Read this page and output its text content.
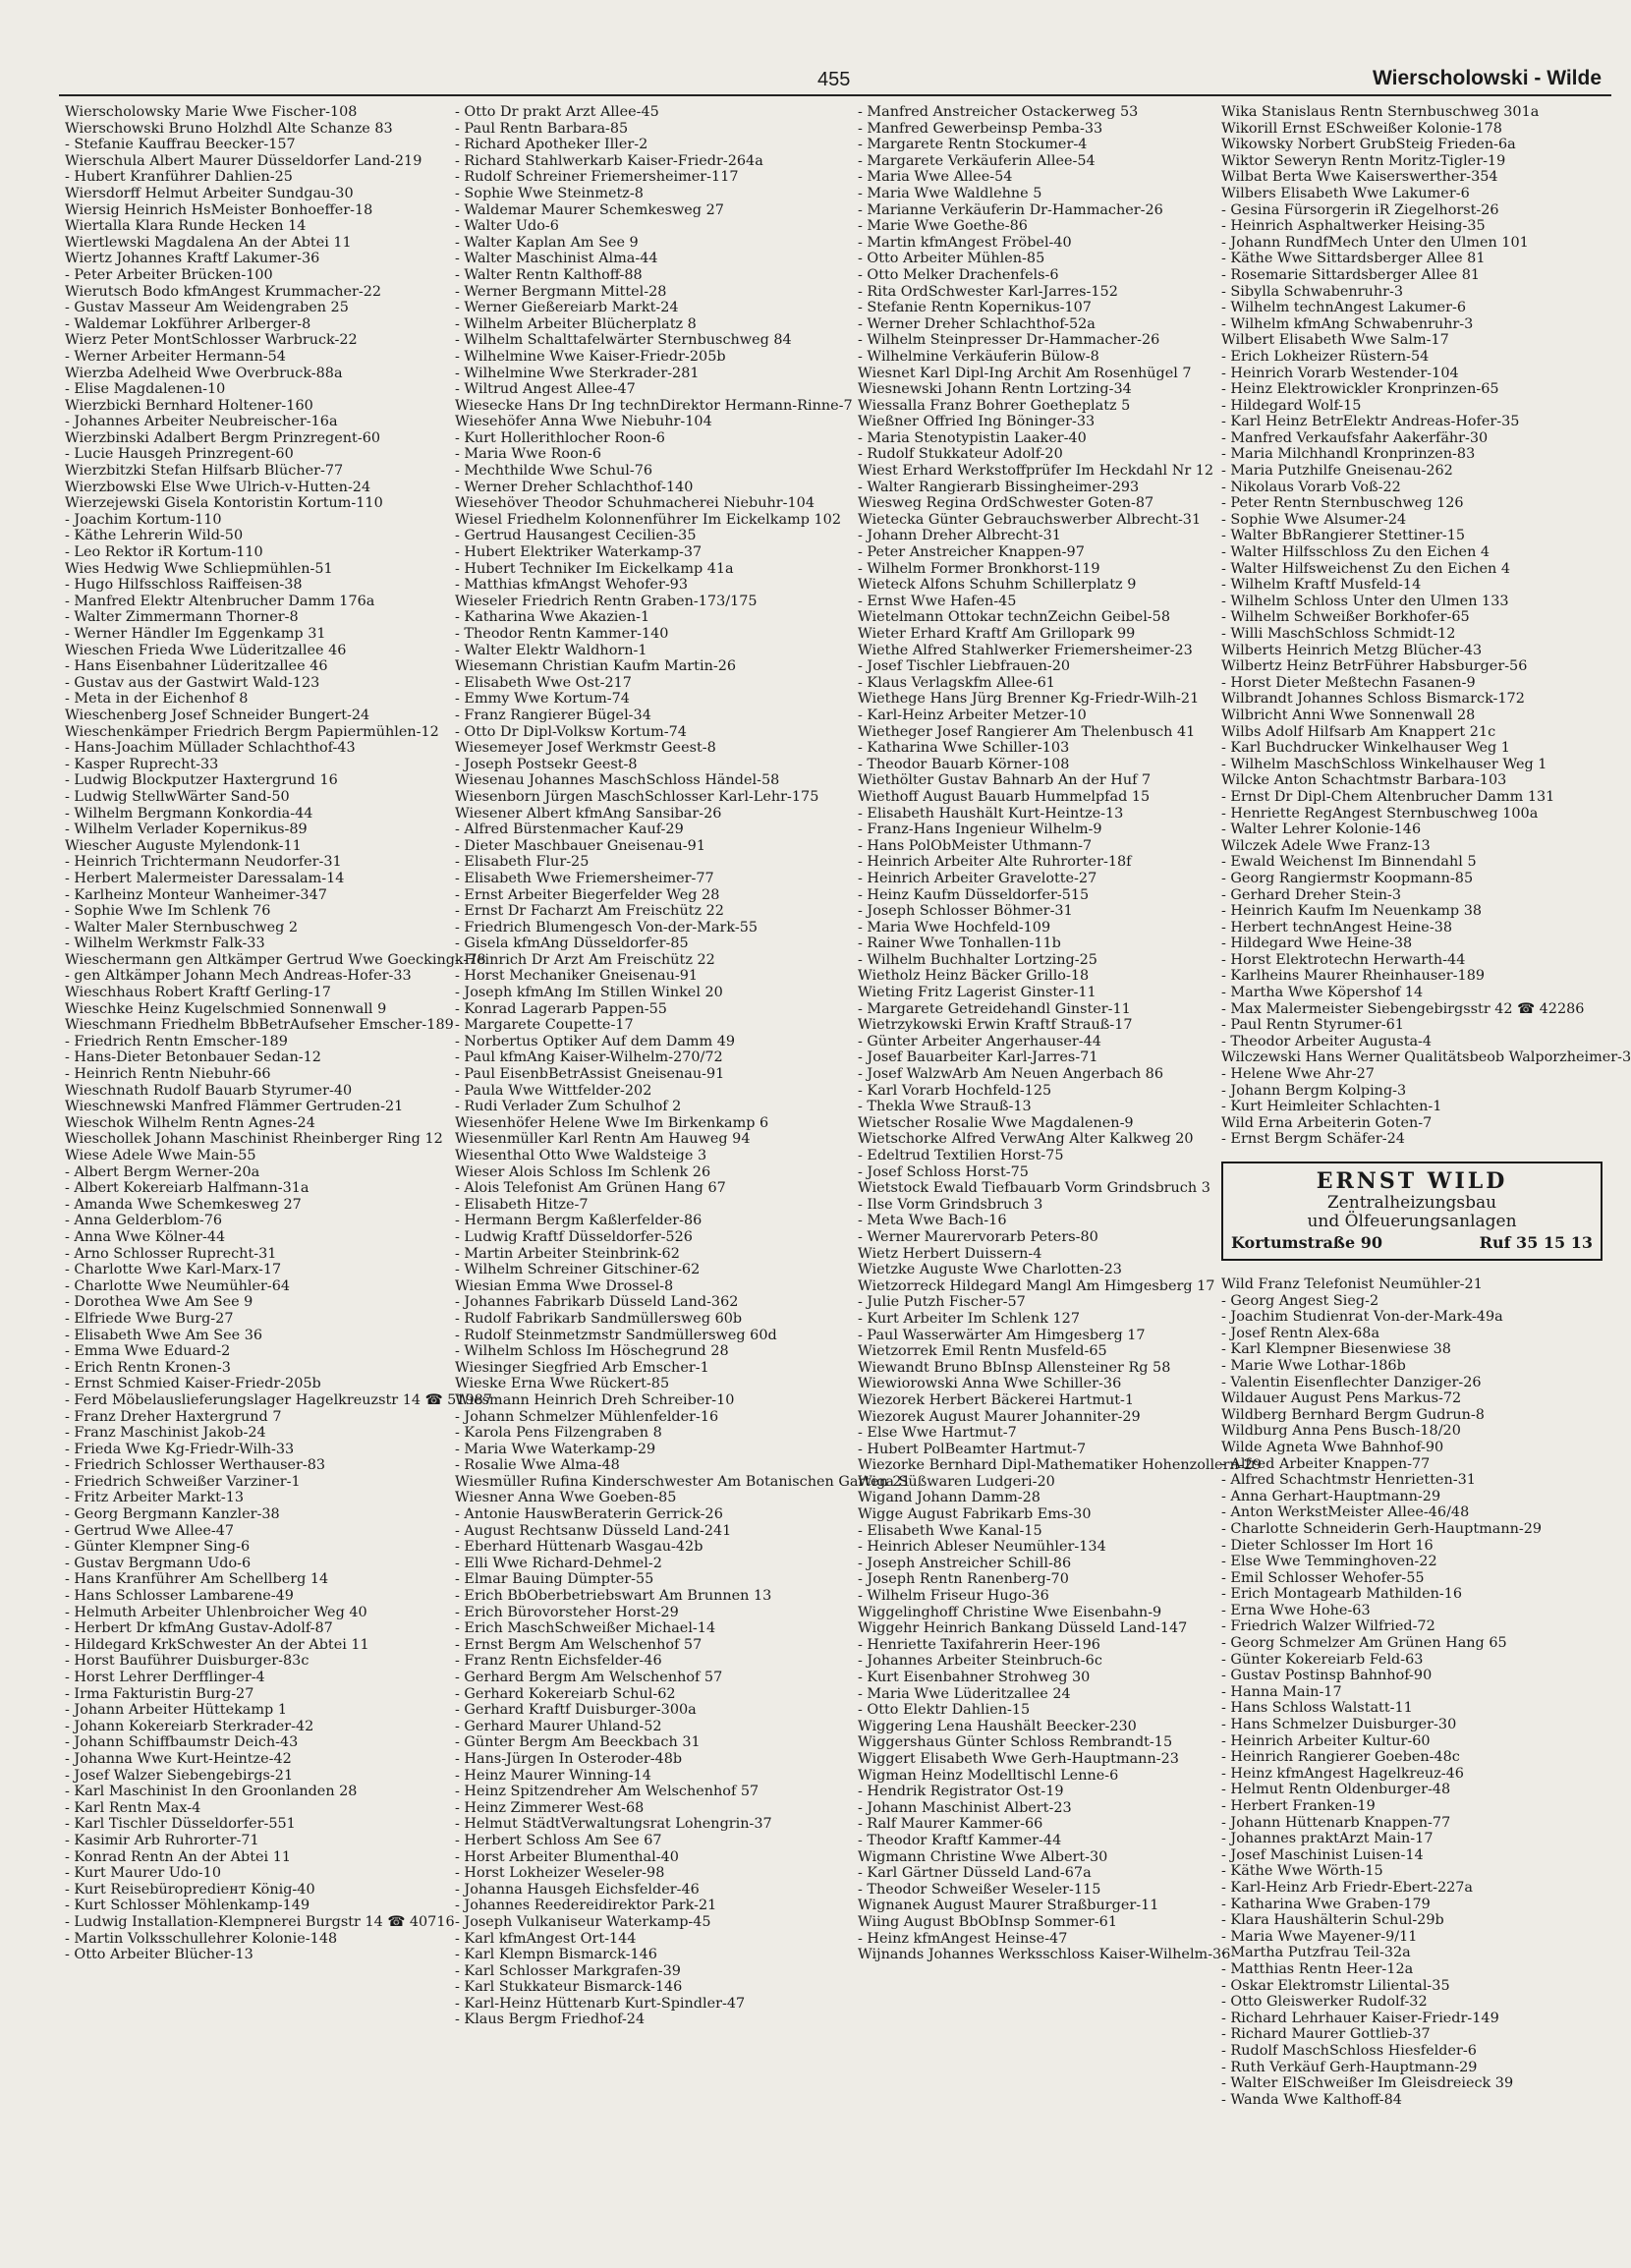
455	Wierscholowski - Wilde
Wierscholowsky Marie Wwe Fischer-108
Wierschowski Bruno Holzhdl Alte Schanze 83
- Stefanie Kauffrau Beecker-157
Wierschula Albert Maurer Düsseldorfer Land-219
- Hubert Kranführer Dahlien-25
Wiersdorff Helmut Arbeiter Sundgau-30
Wiersig Heinrich HsMeister Bonhoeffer-18
Wiertalla Klara Runde Hecken 14
Wiertlewski Magdalena An der Abtei 11
Wiertz Johannes Kraftf Lakumer-36
- Peter Arbeiter Brücken-100
Wierutsch Bodo kfmAngest Krummacher-22
- Gustav Masseur Am Weidengraben 25
- Waldemar Lokführer Arlberger-8
Wierz Peter MontSchlosser Warbruck-22
- Werner Arbeiter Hermann-54
Wierzba Adelheid Wwe Overbruck-88a
- Elise Magdalenen-10
Wierzbicki Bernhard Holtener-160
- Johannes Arbeiter Neubreischer-16a
Wierzbinski Adalbert Bergm Prinzregent-60
- Lucie Hausgeh Prinzregent-60
Wierzbitzki Stefan Hilfsarb Blücher-77
Wierzbowski Else Wwe Ulrich-v-Hutten-24
Wierzejewski Gisela Kontoristin Kortum-110
- Joachim Kortum-110
- Käthe Lehrerin Wild-50
- Leo Rektor iR Kortum-110
Wies Hedwig Wwe Schliepmühlen-51
- Hugo Hilfsschloss Raiffeisen-38
- Manfred Elektr Altenbrucher Damm 176a
- Walter Zimmermann Thorner-8
- Werner Händler Im Eggenkamp 31
Wieschen Frieda Wwe Lüderitzallee 46
- Hans Eisenbahner Lüderitzallee 46
- Gustav aus der Gastwirt Wald-123
- Meta in der Eichenhof 8
Wieschenberg Josef Schneider Bungert-24
Wieschenkämper Friedrich Bergm Papiermühlen-12
- Hans-Joachim Müllader Schlachthof-43
- Kasper Ruprecht-33
- Ludwig Blockputzer Haxtergrund 16
- Ludwig StellwWärter Sand-50
- Wilhelm Bergmann Konkordia-44
- Wilhelm Verlader Kopernikus-89
Wiescher Auguste Mylendonk-11
- Heinrich Trichtermann Neudorfer-31
- Herbert Malermeister Daressalam-14
- Karlheinz Monteur Wanheimer-347
- Sophie Wwe Im Schlenk 76
- Walter Maler Sternbuschweg 2
- Wilhelm Werkmstr Falk-33
Wieschermann gen Altkämper Gertrud Wwe Goeckingk-78
- gen Altkämper Johann Mech Andreas-Hofer-33
Wieschhaus Robert Kraftf Gerling-17
Wieschke Heinz Kugelschmied Sonnenwall 9
Wieschmann Friedhelm BbBetrAufseher Emscher-189
- Friedrich Rentn Emscher-189
- Hans-Dieter Betonbauer Sedan-12
- Heinrich Rentn Niebuhr-66
Wieschnath Rudolf Bauarb Styrumer-40
Wieschnewski Manfred Flämmer Gertruden-21
Wieschok Wilhelm Rentn Agnes-24
Wieschollek Johann Maschinist Rheinberger Ring 12
Wiese Adele Wwe Main-55
- Albert Bergm Werner-20a
- Albert Kokereiarb Halfmann-31a
- Amanda Wwe Schemkesweg 27
- Anna Gelderblom-76
- Anna Wwe Kölner-44
- Arno Schlosser Ruprecht-31
- Charlotte Wwe Karl-Marx-17
- Charlotte Wwe Neumühler-64
- Dorothea Wwe Am See 9
- Elfriede Wwe Burg-27
- Elisabeth Wwe Am See 36
- Emma Wwe Eduard-2
- Erich Rentn Kronen-3
- Ernst Schmied Kaiser-Friedr-205b
- Ferd Möbelauslieferungslager Hagelkreuzstr 14 ☎ 51987
- Franz Dreher Haxtergrund 7
- Franz Maschinist Jakob-24
- Frieda Wwe Kg-Friedr-Wilh-33
- Friedrich Schlosser Werthauser-83
- Friedrich Schweißer Varziner-1
- Fritz Arbeiter Markt-13
- Georg Bergmann Kanzler-38
- Gertrud Wwe Allee-47
- Günter Klempner Sing-6
- Gustav Bergmann Udo-6
- Hans Kranführer Am Schellberg 14
- Hans Schlosser Lambarene-49
- Helmuth Arbeiter Uhlenbroicher Weg 40
- Herbert Dr kfmAng Gustav-Adolf-87
- Hildegard KrkSchwester An der Abtei 11
- Horst Bauführer Duisburger-83c
- Horst Lehrer Derfflinger-4
- Irma Fakturistin Burg-27
- Johann Arbeiter Hüttekamp 1
- Johann Kokereiarb Sterkrader-42
- Johann Schiffbaumstr Deich-43
- Johanna Wwe Kurt-Heintze-42
- Josef Walzer Siebengebirgs-21
- Karl Maschinist In den Groonlanden 28
- Karl Rentn Max-4
- Karl Tischler Düsseldorfer-551
- Kasimir Arb Ruhrorter-71
- Konrad Rentn An der Abtei 11
- Kurt Maurer Udo-10
- Kurt Reisebüroprediент König-40
- Kurt Schlosser Möhlenkamp-149
- Ludwig Installation-Klempnerei Burgstr 14 ☎ 40716
- Martin Volksschullehrer Kolonie-148
- Otto Arbeiter Blücher-13
- Otto Dr prakt Arzt Allee-45
- Paul Rentn Barbara-85
- Richard Apotheker Iller-2
- Richard Stahlwerkarb Kaiser-Friedr-264a
- Rudolf Schreiner Friemersheimer-117
- Sophie Wwe Steinmetz-8
- Waldemar Maurer Schemkesweg 27
- Walter Udo-6
- Walter Kaplan Am See 9
- Walter Maschinist Alma-44
- Walter Rentn Kalthoff-88
- Werner Bergmann Mittel-28
- Werner Gießereiarb Markt-24
- Wilhelm Arbeiter Blücherplatz 8
- Wilhelm Schalttafelwärter Sternbuschweg 84
- Wilhelmine Wwe Kaiser-Friedr-205b
- Wilhelmine Wwe Sterkrader-281
- Wiltrud Angest Allee-47
Wiesecke Hans Dr Ing technDirektor Hermann-Rinne-7
Wiesehöfer Anna Wwe Niebuhr-104
- Kurt Hollerithlocher Roon-6
- Maria Wwe Roon-6
- Mechthilde Wwe Schul-76
- Werner Dreher Schlachthof-140
Wiesehöver Theodor Schuhmacherei Niebuhr-104
Wiesel Friedhelm Kolonnenführer Im Eickelkamp 102
- Gertrud Hausangest Cecilien-35
- Hubert Elektriker Waterkamp-37
- Hubert Techniker Im Eickelkamp 41a
- Matthias kfmAngst Wehofer-93
Wieseler Friedrich Rentn Graben-173/175
- Katharina Wwe Akazien-1
- Theodor Rentn Kammer-140
- Walter Elektr Waldhorn-1
Wiesemann Christian Kaufm Martin-26
- Elisabeth Wwe Ost-217
- Emmy Wwe Kortum-74
- Franz Rangierer Bügel-34
- Otto Dr Dipl-Volksw Kortum-74
Wiesemeyer Josef Werkmstr Geest-8
- Joseph Postsekr Geest-8
Wiesenau Johannes MaschSchloss Händel-58
Wiesenborn Jürgen MaschSchlosser Karl-Lehr-175
Wiesener Albert kfmAng Sansibar-26
- Alfred Bürstenmacher Kauf-29
- Dieter Maschbauer Gneisenau-91
- Elisabeth Flur-25
- Elisabeth Wwe Friemersheimer-77
- Ernst Arbeiter Biegerfelder Weg 28
- Ernst Dr Facharzt Am Freischütz 22
- Friedrich Blumengesch Von-der-Mark-55
- Gisela kfmAng Düsseldorfer-85
- Heinrich Dr Arzt Am Freischütz 22
- Horst Mechaniker Gneisenau-91
- Joseph kfmAng Im Stillen Winkel 20
- Konrad Lagerarb Pappen-55
- Margarete Coupette-17
- Norbertus Optiker Auf dem Damm 49
- Paul kfmAng Kaiser-Wilhelm-270/72
- Paul EisenbBetrAssist Gneisenau-91
- Paula Wwe Wittfelder-202
- Rudi Verlader Zum Schulhof 2
Wiesenhöfer Helene Wwe Im Birkenkamp 6
Wiesenmüller Karl Rentn Am Hauweg 94
Wiesenthal Otto Wwe Waldsteige 3
Wieser Alois Schloss Im Schlenk 26
- Alois Telefonist Am Grünen Hang 67
- Elisabeth Hitze-7
- Hermann Bergm Kaßlerfelder-86
- Ludwig Kraftf Düsseldorfer-526
- Martin Arbeiter Steinbrink-62
- Wilhelm Schreiner Gitschiner-62
Wiesian Emma Wwe Drossel-8
- Johannes Fabrikarb Düsseld Land-362
- Rudolf Fabrikarb Sandmüllersweg 60b
- Rudolf Steinmetzmstr Sandmüllersweg 60d
- Wilhelm Schloss Im Höschegrund 28
Wiesinger Siegfried Arb Emscher-1
Wieske Erna Wwe Rückert-85
Wiesmann Heinrich Dreh Schreiber-10
- Johann Schmelzer Mühlenfelder-16
- Karola Pens Filzengraben 8
- Maria Wwe Waterkamp-29
- Rosalie Wwe Alma-48
Wiesmüller Rufina Kinderschwester Am Botanischen Garten 21
Wiesner Anna Wwe Goeben-85
- Antonie HauswBeraterin Gerrick-26
- August Rechtsanw Düsseld Land-241
- Eberhard Hüttenarb Wasgau-42b
- Elli Wwe Richard-Dehmel-2
- Elmar Bauing Dümpter-55
- Erich BbOberbetriebswart Am Brunnen 13
- Erich Bürovorsteher Horst-29
- Erich MaschSchweißer Michael-14
- Ernst Bergm Am Welschenhof 57
- Franz Rentn Eichsfelder-46
- Gerhard Bergm Am Welschenhof 57
- Gerhard Kokereiarb Schul-62
- Gerhard Kraftf Duisburger-300a
- Gerhard Maurer Uhland-52
- Günter Bergm Am Beeckbach 31
- Hans-Jürgen In Osteroder-48b
- Heinz Maurer Winning-14
- Heinz Spitzendreher Am Welschenhof 57
- Heinz Zimmerer West-68
- Helmut StädtVerwaltungsrat Lohengrin-37
- Herbert Schloss Am See 67
- Horst Arbeiter Blumenthal-40
- Horst Lokheizer Weseler-98
- Johanna Hausgeh Eichsfelder-46
- Johannes Reedereidirektor Park-21
- Joseph Vulkaniseur Waterkamp-45
- Karl kfmAngest Ort-144
- Karl Klempn Bismarck-146
- Karl Schlosser Markgrafen-39
- Karl Stukkateur Bismarck-146
- Karl-Heinz Hüttenarb Kurt-Spindler-47
- Klaus Bergm Friedhof-24
- Manfred Anstreicher Ostackerweg 53
- Manfred Gewerbeinsp Pemba-33
- Margarete Rentn Stockumer-4
- Margarete Verkäuferin Allee-54
- Maria Wwe Allee-54
- Maria Wwe Waldlehne 5
- Marianne Verkäuferin Dr-Hammacher-26
- Marie Wwe Goethe-86
- Martin kfmAngest Fröbel-40
- Otto Arbeiter Mühlen-85
- Otto Melker Drachenfels-6
- Rita OrdSchwester Karl-Jarres-152
- Stefanie Rentn Kopernikus-107
- Werner Dreher Schlachthof-52a
- Wilhelm Steinpresser Dr-Hammacher-26
- Wilhelmine Verkäuferin Bülow-8
Wiesnet Karl Dipl-Ing Archit Am Rosenhügel 7
Wiesnewski Johann Rentn Lortzing-34
Wiessalla Franz Bohrer Goetheplatz 5
Wießner Offried Ing Böninger-33
- Maria Stenotypistin Laaker-40
- Rudolf Stukkateur Adolf-20
Wiest Erhard Werkstoffprüfer Im Heckdahl Nr 12
- Walter Rangierarb Bissingheimer-293
Wiesweg Regina OrdSchwester Goten-87
Wietecka Günter Gebrauchswerber Albrecht-31
- Johann Dreher Albrecht-31
- Peter Anstreicher Knappen-97
- Wilhelm Former Bronkhorst-119
Wieteck Alfons Schuhm Schillerplatz 9
- Ernst Wwe Hafen-45
Wietelmann Ottokar technZeichn Geibel-58
Wieter Erhard Kraftf Am Grillopark 99
Wiethe Alfred Stahlwerker Friemersheimer-23
- Josef Tischler Liebfrauen-20
- Klaus Verlagskfm Allee-61
Wiethege Hans Jürg Brenner Kg-Friedr-Wilh-21
- Karl-Heinz Arbeiter Metzer-10
Wietheger Josef Rangierer Am Thelenbusch 41
- Katharina Wwe Schiller-103
- Theodor Bauarb Körner-108
Wiethölter Gustav Bahnarb An der Huf 7
Wiethoff August Bauarb Hummelpfad 15
- Elisabeth Haushält Kurt-Heintze-13
- Franz-Hans Ingenieur Wilhelm-9
- Hans PolObMeister Uthmann-7
- Heinrich Arbeiter Alte Ruhrorter-18f
- Heinrich Arbeiter Gravelotte-27
- Heinz Kaufm Düsseldorfer-515
- Joseph Schlosser Böhmer-31
- Maria Wwe Hochfeld-109
- Rainer Wwe Tonhallen-11b
- Wilhelm Buchhalter Lortzing-25
Wietholz Heinz Bäcker Grillo-18
Wieting Fritz Lagerist Ginster-11
- Margarete Getreidehandl Ginster-11
Wietrzykowski Erwin Kraftf Strauß-17
- Günter Arbeiter Angerhauser-44
- Josef Bauarbeiter Karl-Jarres-71
- Josef WalzwArb Am Neuen Angerbach 86
- Karl Vorarb Hochfeld-125
- Thekla Wwe Strauß-13
Wietscher Rosalie Wwe Magdalenen-9
Wietschorke Alfred VerwAng Alter Kalkweg 20
- Edeltrud Textilien Horst-75
- Josef Schloss Horst-75
Wietstock Ewald Tiefbauarb Vorm Grindsbruch 3
- Ilse Vorm Grindsbruch 3
- Meta Wwe Bach-16
- Werner Maurervorarb Peters-80
Wietz Herbert Duissern-4
Wietzke Auguste Wwe Charlotten-23
Wietzorreck Hildegard Mangl Am Himgesberg 17
- Julie Putzh Fischer-57
- Kurt Arbeiter Im Schlenk 127
- Paul Wasserwärter Am Himgesberg 17
Wietzorrek Emil Rentn Musfeld-65
Wiewandt Bruno BbInsp Allensteiner Rg 58
Wiewiorowski Anna Wwe Schiller-36
Wiezorek Herbert Bäckerei Hartmut-1
Wiezorek August Maurer Johanniter-29
- Else Wwe Hartmut-7
- Hubert PolBeamter Hartmut-7
Wiezorke Bernhard Dipl-Mathematiker Hohenzollern-29
Wiga Süßwaren Ludgeri-20
Wigand Johann Damm-28
Wigge August Fabrikarb Ems-30
- Elisabeth Wwe Kanal-15
- Heinrich Ableser Neumühler-134
- Joseph Anstreicher Schill-86
- Joseph Rentn Ranenberg-70
- Wilhelm Friseur Hugo-36
Wiggelinghoff Christine Wwe Eisenbahn-9
Wiggehr Heinrich Bankang Düsseld Land-147
- Henriette Taxifahrerin Heer-196
- Johannes Arbeiter Steinbruch-6c
- Kurt Eisenbahner Strohweg 30
- Maria Wwe Lüderitzallee 24
- Otto Elektr Dahlien-15
Wiggering Lena Haushält Beecker-230
Wiggershaus Günter Schloss Rembrandt-15
Wiggert Elisabeth Wwe Gerh-Hauptmann-23
Wigman Heinz Modelltischl Lenne-6
- Hendrik Registrator Ost-19
- Johann Maschinist Albert-23
- Ralf Maurer Kammer-66
- Theodor Kraftf Kammer-44
Wigmann Christine Wwe Albert-30
- Karl Gärtner Düsseld Land-67a
- Theodor Schweißer Weseler-115
Wignanek August Maurer Straßburger-11
Wiing August BbObInsp Sommer-61
- Heinz kfmAngest Heinse-47
Wijnands Johannes Werksschloss Kaiser-Wilhelm-36
Wika Stanislaus Rentn Sternbuschweg 301a
Wikorill Ernst ESchweißer Kolonie-178
Wikowsky Norbert GrubSteig Frieden-6a
Wiktor Seweryn Rentn Moritz-Tigler-19
Wilbat Berta Wwe Kaiserswerther-354
Wilbers Elisabeth Wwe Lakumer-6
- Gesina Fürsorgerin iR Ziegelhorst-26
- Heinrich Asphaltwerker Heising-35
- Johann RundfMech Unter den Ulmen 101
- Käthe Wwe Sittardsberger Allee 81
- Rosemarie Sittardsberger Allee 81
- Sibylla Schwabenruhr-3
- Wilhelm technAngest Lakumer-6
- Wilhelm kfmAng Schwabenruhr-3
Wilbert Elisabeth Wwe Salm-17
- Erich Lokheizer Rüstern-54
- Heinrich Vorarb Westender-104
- Heinz Elektrowickler Kronprinzen-65
- Hildegard Wolf-15
- Karl Heinz BetrElektr Andreas-Hofer-35
- Manfred Verkaufsfahr Aakerfähr-30
- Maria Milchhandl Kronprinzen-83
- Maria Putzhilfe Gneisenau-262
- Nikolaus Vorarb Voß-22
- Peter Rentn Sternbuschweg 126
- Sophie Wwe Alsumer-24
- Walter BbRangierer Stettiner-15
- Walter Hilfsschloss Zu den Eichen 4
- Walter Hilfsweichenst Zu den Eichen 4
- Wilhelm Kraftf Musfeld-14
- Wilhelm Schloss Unter den Ulmen 133
- Wilhelm Schweißer Borkhofer-65
- Willi MaschSchloss Schmidt-12
Wilberts Heinrich Metzg Blücher-43
Wilbertz Heinz BetrFührer Habsburger-56
- Horst Dieter Meßtechn Fasanen-9
Wilbrandt Johannes Schloss Bismarck-172
Wilbricht Anni Wwe Sonnenwall 28
Wilbs Adolf Hilfsarb Am Knappert 21c
- Karl Buchdrucker Winkelhauser Weg 1
- Wilhelm MaschSchloss Winkelhauser Weg 1
Wilcke Anton Schachtmstr Barbara-103
- Ernst Dr Dipl-Chem Altenbrucher Damm 131
- Henriette RegAngest Sternbuschweg 100a
- Walter Lehrer Kolonie-146
Wilczek Adele Wwe Franz-13
- Ewald Weichenst Im Binnendahl 5
- Georg Rangiermstr Koopmann-85
- Gerhard Dreher Stein-3
- Heinrich Kaufm Im Neuenkamp 38
- Herbert technAngest Heine-38
- Hildegard Wwe Heine-38
- Horst Elektrotechn Herwarth-44
- Karlheins Maurer Rheinhauser-189
- Martha Wwe Köpershof 14
- Max Malermeister Siebengebirgsstr 42 ☎ 42286
- Paul Rentn Styrumer-61
- Theodor Arbeiter Augusta-4
Wilczewski Hans Werner Qualitätsbeob Walporzheimer-3
- Helene Wwe Ahr-27
- Johann Bergm Kolping-3
- Kurt Heimleiter Schlachten-1
Wild Erna Arbeiterin Goten-7
- Ernst Bergm Schäfer-24
ERNST WILD
Zentralheizungsbau
und Ölfeuerungsanlagen
Kortumstraße 90	Ruf 35 15 13
Wild Franz Telefonist Neumühler-21
- Georg Angest Sieg-2
- Joachim Studienrat Von-der-Mark-49a
- Josef Rentn Alex-68a
- Karl Klempner Biesenwiese 38
- Marie Wwe Lothar-186b
- Valentin Eisenflechter Danziger-26
Wildauer August Pens Markus-72
Wildberg Bernhard Bergm Gudrun-8
Wildburg Anna Pens Busch-18/20
Wilde Agneta Wwe Bahnhof-90
- Alfred Arbeiter Knappen-77
- Alfred Schachtmstr Henrietten-31
- Anna Gerhart-Hauptmann-29
- Anton WerkstMeister Allee-46/48
- Charlotte Schneiderin Gerh-Hauptmann-29
- Dieter Schlosser Im Hort 16
- Else Wwe Temminghoven-22
- Emil Schlosser Wehofer-55
- Erich Montagearb Mathilden-16
- Erna Wwe Hohe-63
- Friedrich Walzer Wilfried-72
- Georg Schmelzer Am Grünen Hang 65
- Günter Kokereiarb Feld-63
- Gustav Postinsp Bahnhof-90
- Hanna Main-17
- Hans Schloss Walstatt-11
- Hans Schmelzer Duisburger-30
- Heinrich Arbeiter Kultur-60
- Heinrich Rangierer Goeben-48c
- Heinz kfmAngest Hagelkreuz-46
- Helmut Rentn Oldenburger-48
- Herbert Franken-19
- Johann Hüttenarb Knappen-77
- Johannes praktArzt Main-17
- Josef Maschinist Luisen-14
- Käthe Wwe Wörth-15
- Karl-Heinz Arb Friedr-Ebert-227a
- Katharina Wwe Graben-179
- Klara Haushälterin Schul-29b
- Maria Wwe Mayener-9/11
- Martha Putzfrau Teil-32a
- Matthias Rentn Heer-12a
- Oskar Elektromstr Liliental-35
- Otto Gleiswerker Rudolf-32
- Richard Lehrhauer Kaiser-Friedr-149
- Richard Maurer Gottlieb-37
- Rudolf MaschSchloss Hiesfelder-6
- Ruth Verkäuf Gerh-Hauptmann-29
- Walter ElSchweißer Im Gleisdreieck 39
- Wanda Wwe Kalthoff-84
